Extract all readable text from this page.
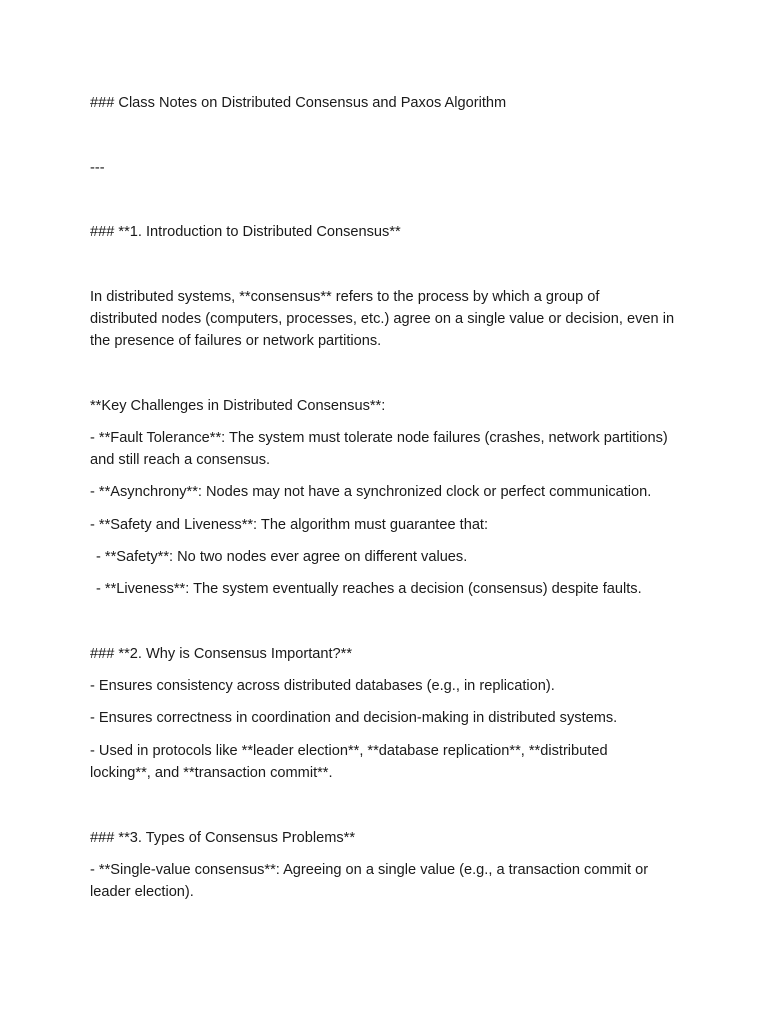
### Class Notes on Distributed Consensus and Paxos Algorithm

---

### **1. Introduction to Distributed Consensus**

In distributed systems, **consensus** refers to the process by which a group of

distributed nodes (computers, processes, etc.) agree on a single value or decision, even in

the presence of failures or network partitions.

**Key Challenges in Distributed Consensus**:

- **Fault Tolerance**: The system must tolerate node failures (crashes, network partitions)

and still reach a consensus.

- **Asynchrony**: Nodes may not have a synchronized clock or perfect communication.

- **Safety and Liveness**: The algorithm must guarantee that:

- **Safety**: No two nodes ever agree on different values.

- **Liveness**: The system eventually reaches a decision (consensus) despite faults.

### **2. Why is Consensus Important?**

- Ensures consistency across distributed databases (e.g., in replication).

- Ensures correctness in coordination and decision-making in distributed systems.

- Used in protocols like **leader election**, **database replication**, **distributed

locking**, and **transaction commit**.

### **3. Types of Consensus Problems**

- **Single-value consensus**: Agreeing on a single value (e.g., a transaction commit or

leader election).
